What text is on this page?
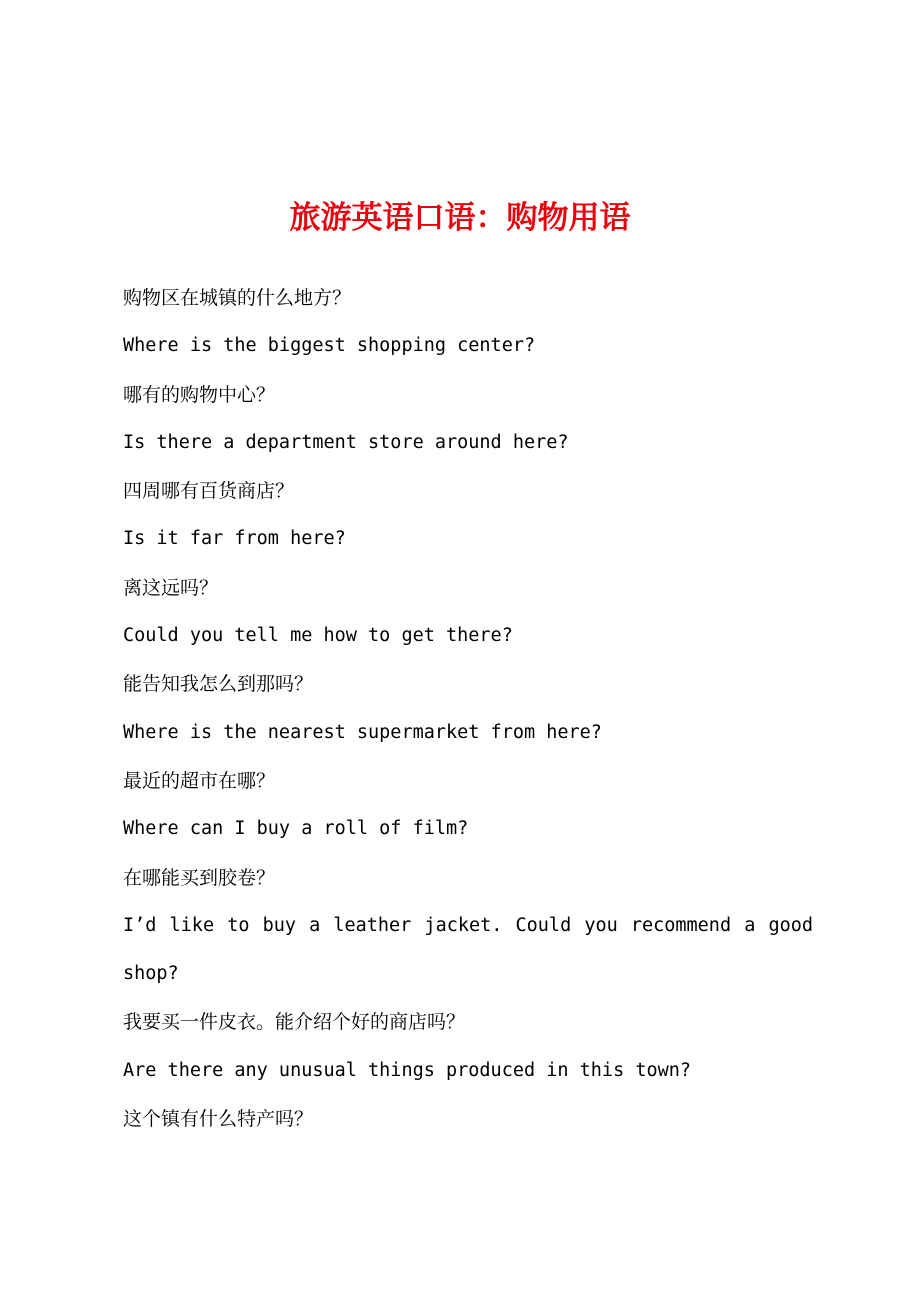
旅游英语口语：购物用语
购物区在城镇的什么地方？
Where is the biggest shopping center?
哪有的购物中心？
Is there a department store around here?
四周哪有百货商店？
Is it far from here?
离这远吗？
Could you tell me how to get there?
能告知我怎么到那吗？
Where is the nearest supermarket from here?
最近的超市在哪？
Where can I buy a roll of film?
在哪能买到胶卷？
I’d like to buy a leather jacket. Could you recommend a good shop?
我要买一件皮衣。能介绍个好的商店吗？
Are there any unusual things produced in this town?
这个镇有什么特产吗？
